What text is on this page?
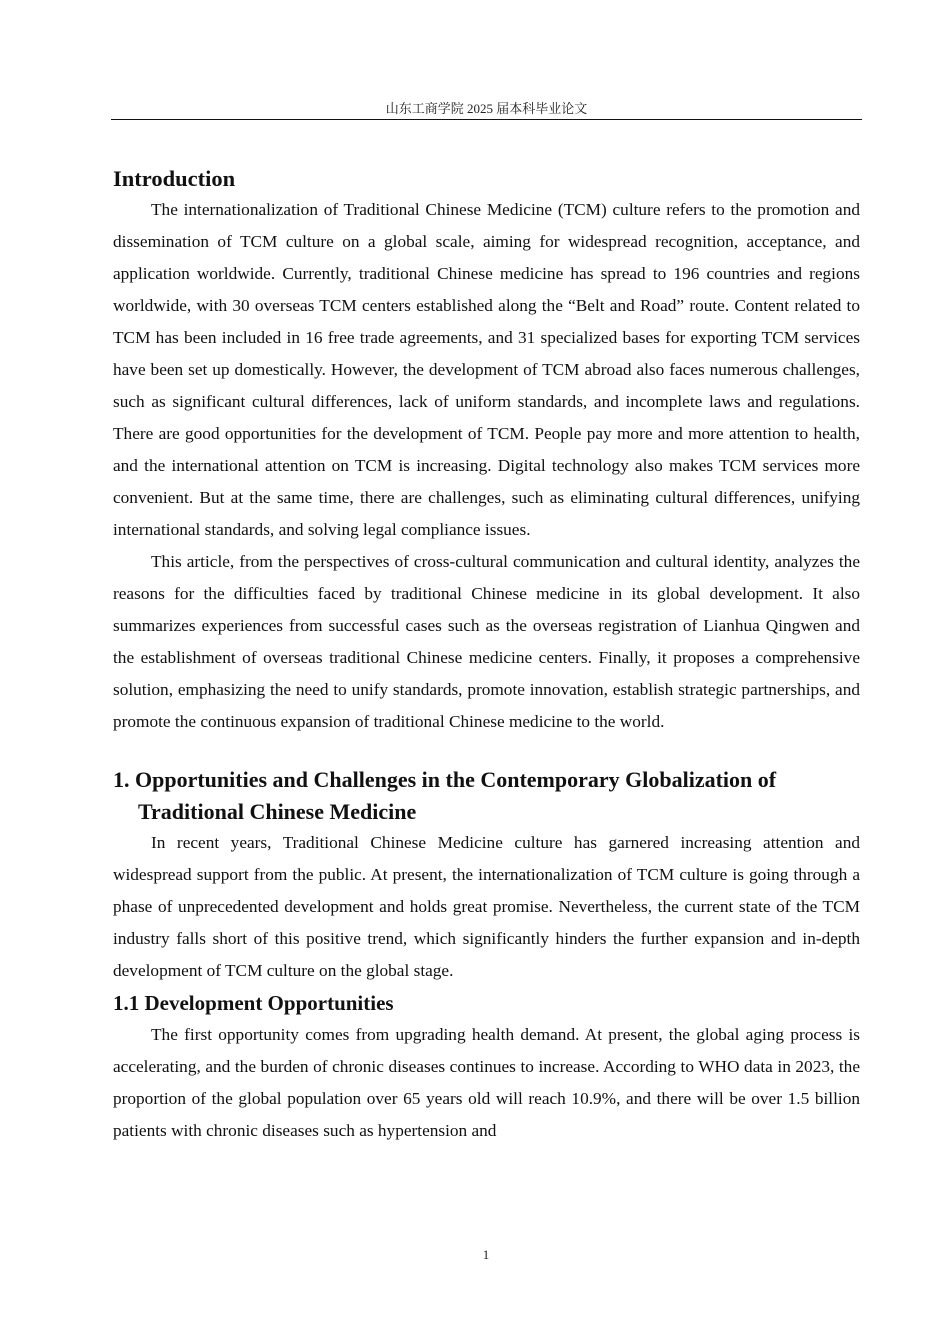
山东工商学院 2025 届本科毕业论文
Introduction

The internationalization of Traditional Chinese Medicine (TCM) culture refers to the promotion and dissemination of TCM culture on a global scale, aiming for widespread recognition, acceptance, and application worldwide. Currently, traditional Chinese medicine has spread to 196 countries and regions worldwide, with 30 overseas TCM centers established along the “Belt and Road” route. Content related to TCM has been included in 16 free trade agreements, and 31 specialized bases for exporting TCM services have been set up domestically. However, the development of TCM abroad also faces numerous challenges, such as significant cultural differences, lack of uniform standards, and incomplete laws and regulations. There are good opportunities for the development of TCM. People pay more and more attention to health, and the international attention on TCM is increasing. Digital technology also makes TCM services more convenient. But at the same time, there are challenges, such as eliminating cultural differences, unifying international standards, and solving legal compliance issues.

This article, from the perspectives of cross-cultural communication and cultural identity, analyzes the reasons for the difficulties faced by traditional Chinese medicine in its global development. It also summarizes experiences from successful cases such as the overseas registration of Lianhua Qingwen and the establishment of overseas traditional Chinese medicine centers. Finally, it proposes a comprehensive solution, emphasizing the need to unify standards, promote innovation, establish strategic partnerships, and promote the continuous expansion of traditional Chinese medicine to the world.

1. Opportunities and Challenges in the Contemporary Globalization of Traditional Chinese Medicine

In recent years, Traditional Chinese Medicine culture has garnered increasing attention and widespread support from the public. At present, the internationalization of TCM culture is going through a phase of unprecedented development and holds great promise. Nevertheless, the current state of the TCM industry falls short of this positive trend, which significantly hinders the further expansion and in-depth development of TCM culture on the global stage.

1.1 Development Opportunities

The first opportunity comes from upgrading health demand. At present, the global aging process is accelerating, and the burden of chronic diseases continues to increase. According to WHO data in 2023, the proportion of the global population over 65 years old will reach 10.9%, and there will be over 1.5 billion patients with chronic diseases such as hypertension and

1
